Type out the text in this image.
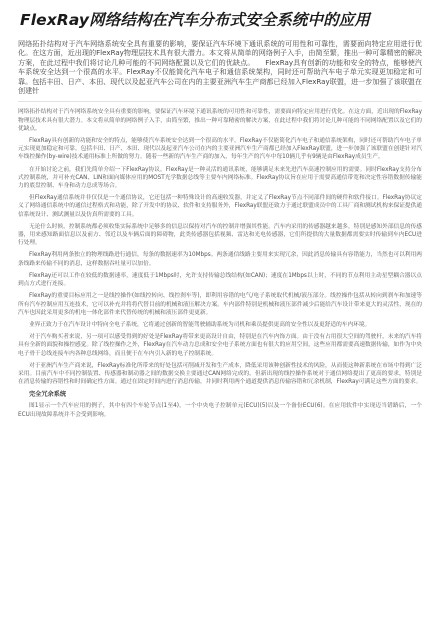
FlexRay网络结构在汽车分布式安全系统中的应用

网络拓扑结构对于汽车网络系统安全具有重要的影响，要保证汽车环境下通讯系统的可用性和可靠性，需要面向特定应用进行优化。在这方面，近出现的FlexRay物理层技术具有很大潜力。本文将从简单的网络例子入手，由简至繁，推出一种可靠精密的解决方案，在此过程中我们将讨论几种可能的不同网络配置以及它们的优缺点。　　FlexRay具有创新的功能和安全的特点，能够使汽车系统安全达到一个很高的水平。FlexRay不仅能简化汽车电子和通信系统架构，同时还可帮助汽车电子单元实现更加稳定和可靠。包括丰田、日产、本田、现代以及起亚汽车公司在内的主要亚洲汽车生产商都已经加入FlexRay联盟，进一步加强了该联盟在创建针

网络拓扑结构对于汽车网络系统安全具有重要的影响，要保证汽车环境下通讯系统的可用性和可靠性，需要面向特定应用进行优化。在这方面，近出现的FlexRay物理层技术具有很大潜力。本文将从简单的网络例子入手，由简至繁，推出一种可靠精密的解决方案，在此过程中我们将讨论几种可能的不同网络配置以及它们的优缺点。

FlexRay具有创新的功能和安全的特点，能够使汽车系统安全达到一个很高的水平。FlexRay不仅能简化汽车电子和通信系统架构，同时还可帮助汽车电子单元实现更加稳定和可靠。包括丰田、日产、本田、现代以及起亚汽车公司在内的主要亚洲汽车生产商都已经加入FlexRay联盟，进一步加强了该联盟在创建针对汽车线控操作(by-wire)技术通用标准上所做的努力。随着一些新的汽车生产商的加入，每年生产的汽车中每10辆几乎有9辆是由FlexRay成员生产。

在开始讨论之前，我们先简单介绍一下FlexRay协议。FlexRay是一种灵活的通讯系统，能够满足未来先进汽车高速控制应用的需要。同时FlexRay支持分布式控制系统，并可补充CAN、LIN和面向媒体应用的MOST光学数据总线等主要车内网络标准。FlexRay协议旨在应用于需要高通信带宽和决定性容错数据传输能力的底盘控制、车身和动力总成等场合。

但FlexRay通信系统并非仅仅是一个通信协议，它还包括一种特殊设计的高速收发器，并定义了FlexRay节点不同部件间的硬件和软件接口。FlexRay协议定义了网络通信系统中的通信过程格式和功能，除了开发中的协议、软件和支持服务外，FlexRay联盟还致力于通过联盟成员中的工具厂商和测试机构来保证提供通信系统设计、测试测量以及仿真所需要的工具。

无论什么时候，控制系统都必须收集实际系统中足够多的信息以保持对汽车的控制并增强其性能。汽车内采用的传感器越来越多，特别是感知外部信息的传感器，用来感知路面信息以及前方、邻近以及车辆后面的障碍物，此类传感器包括视频、雷达和光电传感器，它们所提供的大量数据都需要实时传输到车内ECU进行处理。

FlexRay利用两条独立的物理线路进行通信，每条的数据速率为10Mbps。两条通信线路主要用来实现冗余，因此消息传输具有容错能力，当然也可以利用两条线路来传输不同的消息，这样数据吞吐量可以加倍。

FlexRay还可以工作在较低的数据速率，速度低于1Mbps时，允许支持传输总线结构(如CAN)；速度在1Mbps以上时，不同的节点利用主动星型耦合器以点到点方式进行连接。

FlexRay的重要目标应用之一是线控操作(如线控转向、线控刹车等)，即利用容错的电气/电子系统取代机械/液压部分。线控操作包括从转向到刹车和加速等所有汽车控制应用互连技术，它可以补充并将将代替目前的机械和液压解决方案。车内部件特别是机械和液压部件减少后能给汽车设计带来更大的灵活性，现在的汽车也因此采用更多的机电一体化部件来代替传统的机械和液压部件更更新。

业界正致力于在汽车设计中特向全电子系统，它将通过创新的智能驾驶辅助系统为司机和乘员提供更高的安全性以及更舒适的车内环境。

对于汽车购买者来说，另一项可以感受得到的好处是FlexRay将带来更高设计自由，特别是在汽车内饰方面。由于没有占用很大空间的驾驶杆，未来的汽车将具有全新的面貌和操控感觉。除了线控操作之外，FlexRay在汽车动力总成和安全电子系统方面也有很大的应用空间，这些应用都需要高速数据传输，如作为中央电子骨干总线连接车内各种总线网络，而且便于在车内引入新的电子控制系统。

对于亚洲汽车生产商来说，FlexRay标准化所带来的好处包括可削减开发和生产成本，降低采用该种创新性技术的风险，从而使这种新系统在市场中得到广泛采用。目前汽车中不同控制装置、传感器和制动器之间的数据交换主要通过CAN网络完成的，但新出现的线控操作系统对于通信网络提出了更高的要求，特别是在消息传输的容错性和时间确定性方面。通过在固定时间内进行消息传输，并同时利用两个通道提供消息传输容错和冗余机制，FlexRay可满足这些方面的要求。

完全冗余系统

图1显示一个汽车应用的例子，其中有四个车轮节点(1至4)，一个中央电子控制单元(ECU)(5)以及一个备份ECU(6)。在应用软件中实现迈当错路后，一个ECU出现故障系统并不会受到影响。
